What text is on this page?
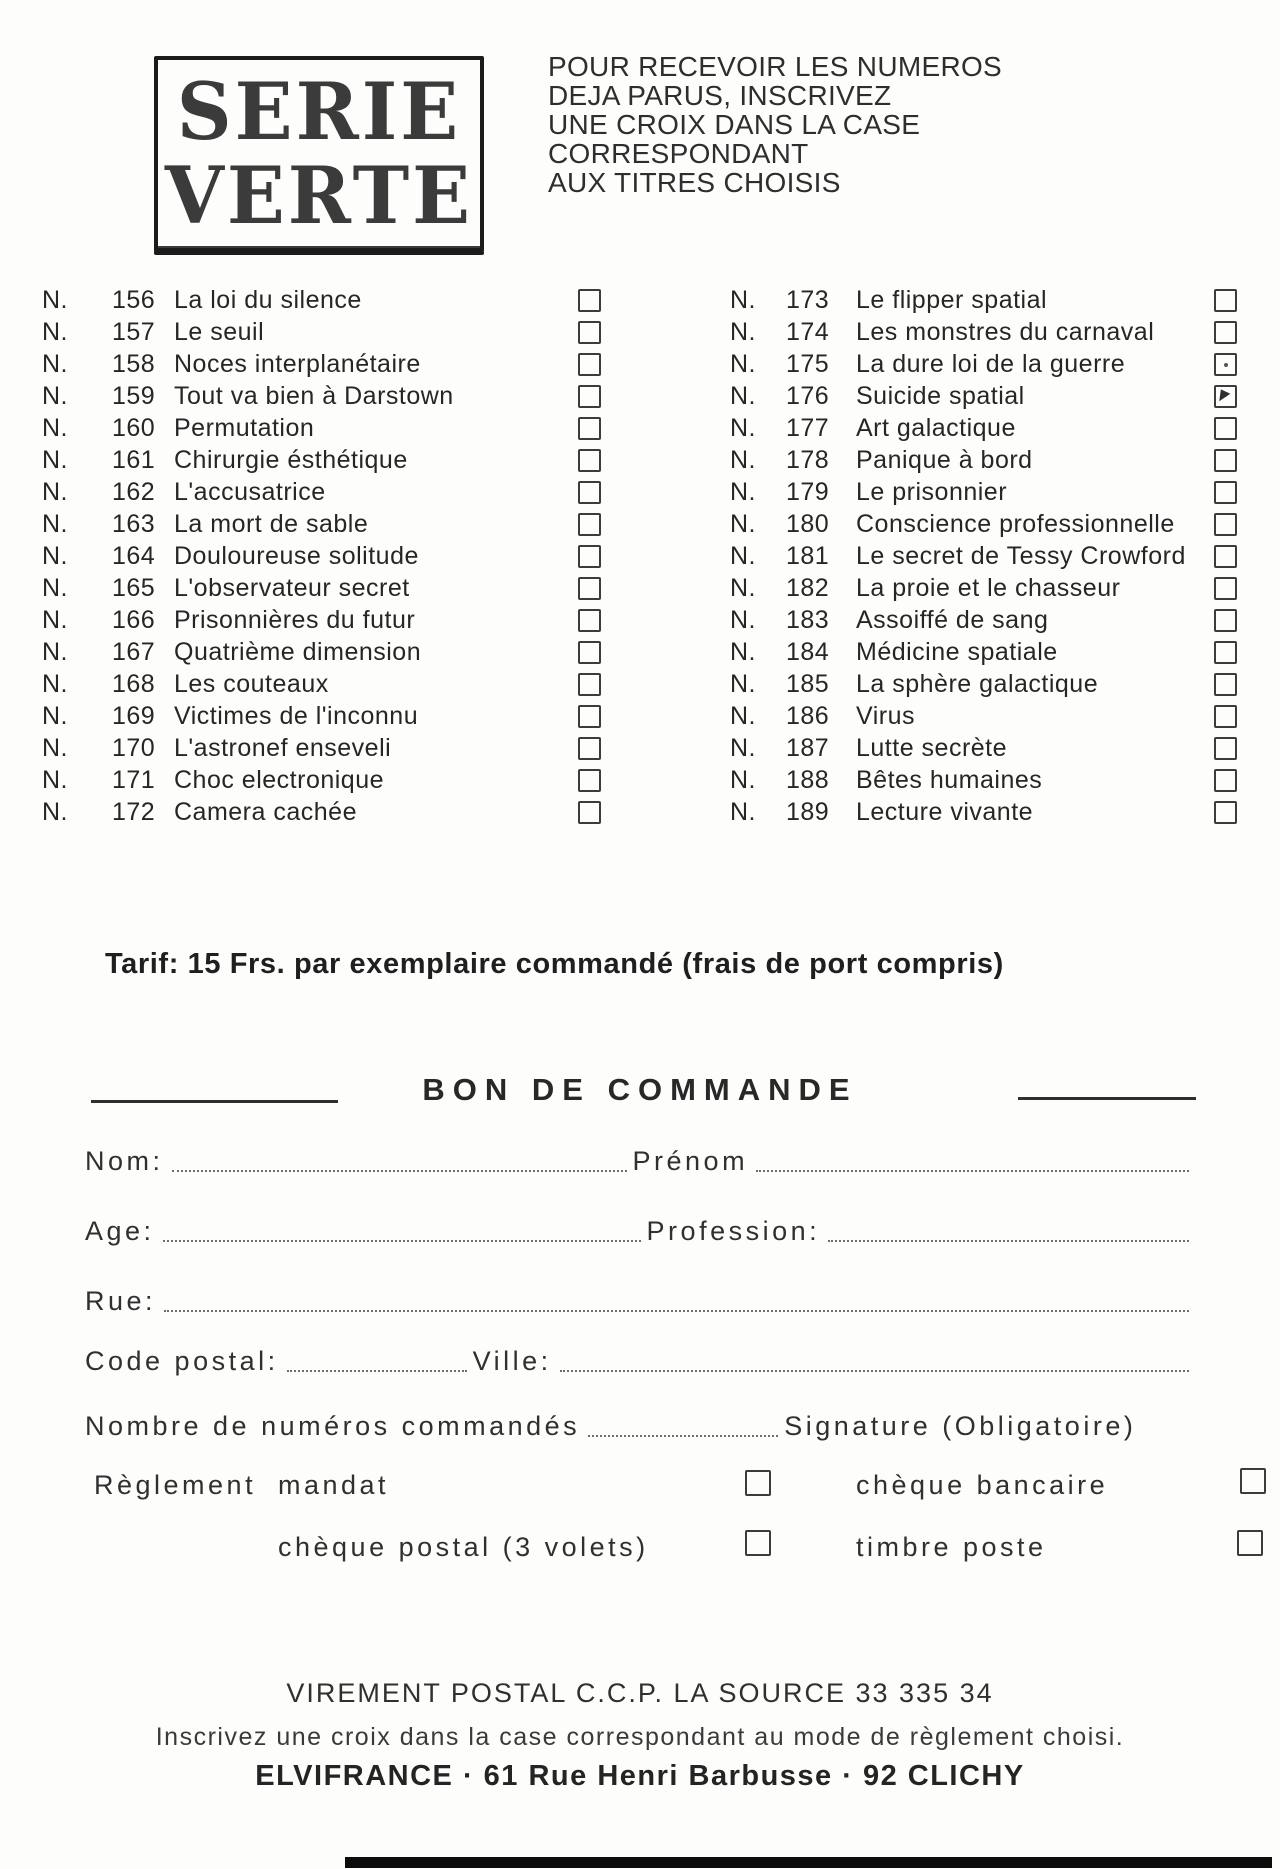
SERIE
VERTE
POUR RECEVOIR LES NUMEROS
DEJA PARUS, INSCRIVEZ
UNE CROIX DANS LA CASE
CORRESPONDANT
AUX TITRES CHOISIS
N.	156 La loi du silence
N.	157 Le seuil
N.	158 Noces interplanétaire
N.	159 Tout va bien à Darstown
N.	160 Permutation
N.	161 Chirurgie ésthétique
N.	162 L'accusatrice
N.	163 La mort de sable
N.	164 Douloureuse solitude
N.	165 L'observateur secret
N.	166 Prisonnières du futur
N.	167 Quatrième dimension
N.	168 Les couteaux
N.	169 Victimes de l'inconnu
N.	170 L'astronef enseveli
N.	171 Choc electronique
N.	172 Camera cachée
N.	173	Le flipper spatial
N.	174	Les monstres du carnaval
N.	175	La dure loi de la guerre
N.	176	Suicide spatial
N.	177	Art galactique
N.	178	Panique à bord
N.	179	Le prisonnier
N.	180	Conscience professionnelle
N.	181	Le secret de Tessy Crowford
N.	182	La proie et le chasseur
N.	183	Assoiffé de sang
N.	184	Médicine spatiale
N.	185	La sphère galactique
N.	186	Virus
N.	187	Lutte secrète
N.	188	Bêtes humaines
N.	189	Lecture vivante
Tarif: 15 Frs. par exemplaire commandé (frais de port compris)
BON DE COMMANDE
Nom:	Prénom
Age:	Profession:
Rue:
Code postal:	Ville:
Nombre de numéros commandés	Signature (Obligatoire)
Règlement mandat	chèque bancaire
chèque postal (3 volets)	timbre poste
VIREMENT POSTAL C.C.P. LA SOURCE 33 335 34
Inscrivez une croix dans la case correspondant au mode de règlement choisi.
ELVIFRANCE · 61 Rue Henri Barbusse · 92 CLICHY
